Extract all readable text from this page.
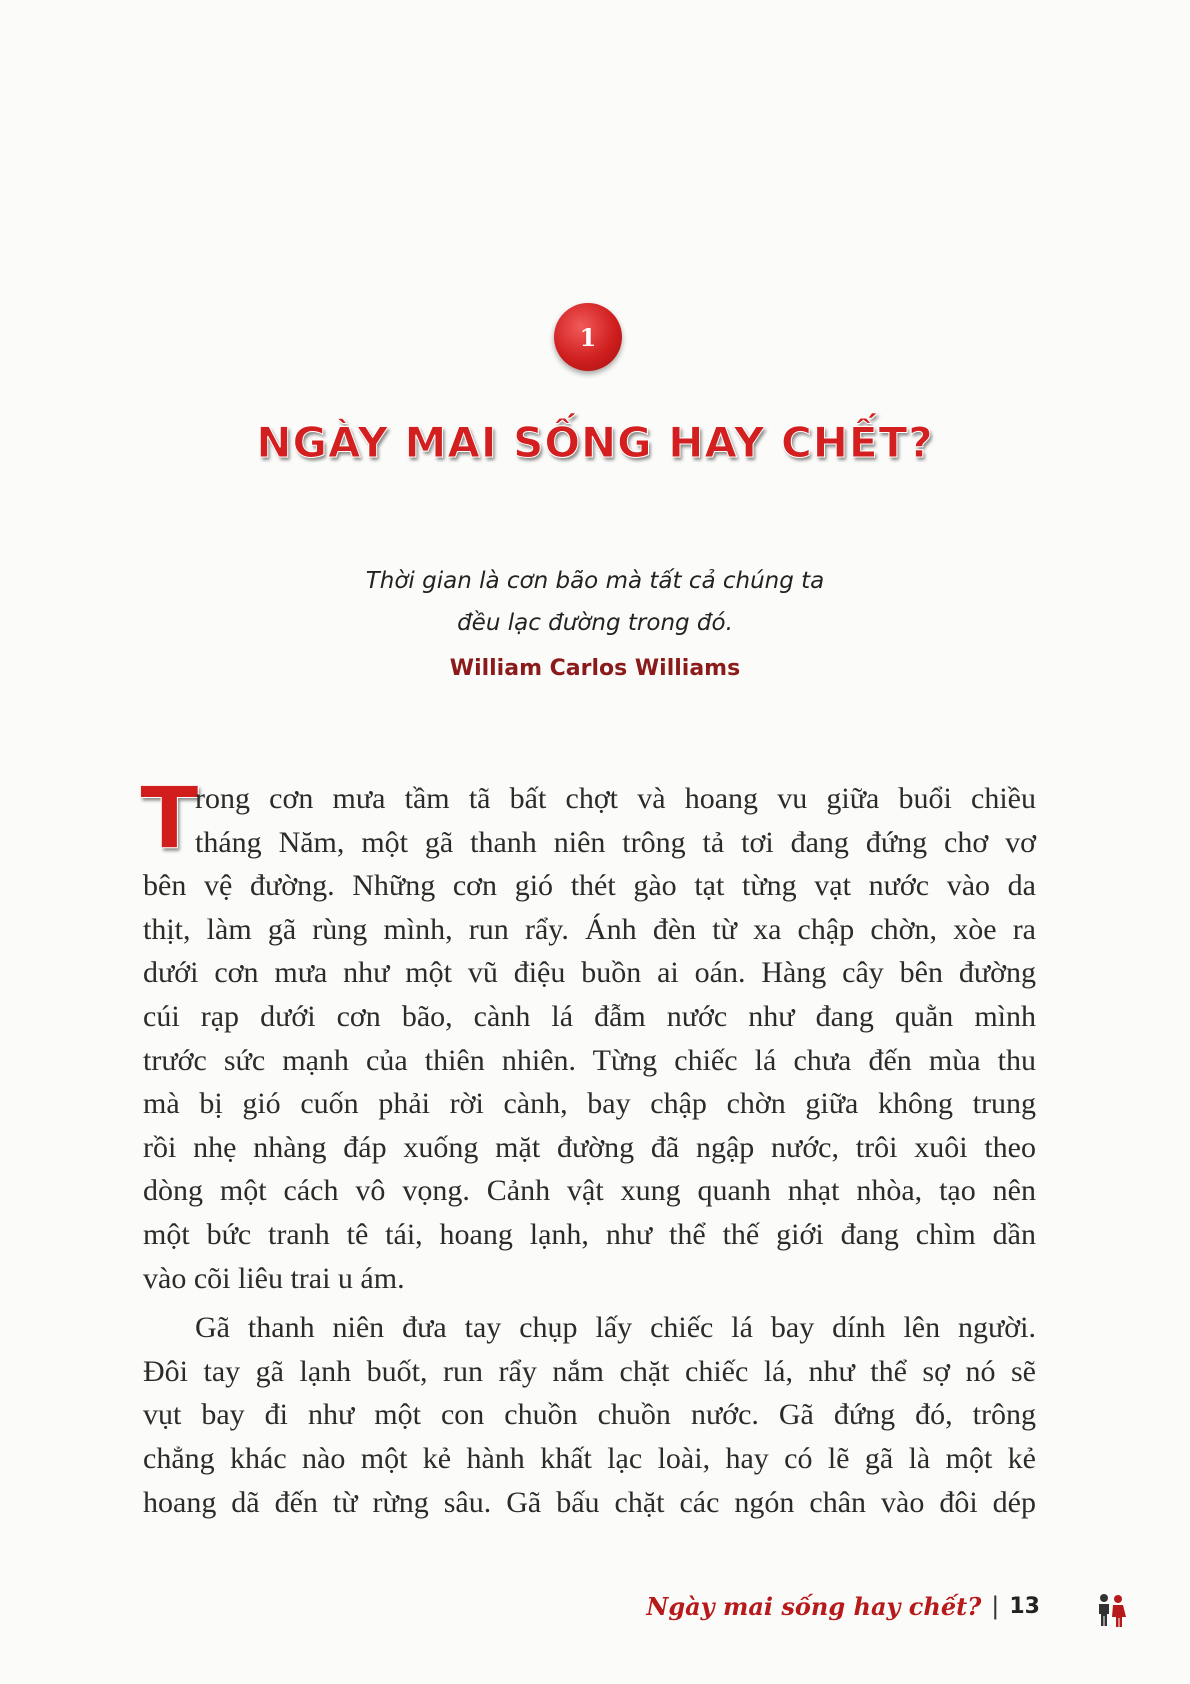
1
NGÀY MAI SỐNG HAY CHẾT?
Thời gian là cơn bão mà tất cả chúng ta
đều lạc đường trong đó.
William Carlos Williams
T
rong cơn mưa tầm tã bất chợt và hoang vu giữa buổi chiều
tháng Năm, một gã thanh niên trông tả tơi đang đứng chơ vơ
bên vệ đường. Những cơn gió thét gào tạt từng vạt nước vào da
thịt, làm gã rùng mình, run rẩy. Ánh đèn từ xa chập chờn, xòe ra
dưới cơn mưa như một vũ điệu buồn ai oán. Hàng cây bên đường
cúi rạp dưới cơn bão, cành lá đẫm nước như đang quằn mình
trước sức mạnh của thiên nhiên. Từng chiếc lá chưa đến mùa thu
mà bị gió cuốn phải rời cành, bay chập chờn giữa không trung
rồi nhẹ nhàng đáp xuống mặt đường đã ngập nước, trôi xuôi theo
dòng một cách vô vọng. Cảnh vật xung quanh nhạt nhòa, tạo nên
một bức tranh tê tái, hoang lạnh, như thể thế giới đang chìm dần
vào cõi liêu trai u ám.
Gã thanh niên đưa tay chụp lấy chiếc lá bay dính lên người.
Đôi tay gã lạnh buốt, run rẩy nắm chặt chiếc lá, như thể sợ nó sẽ
vụt bay đi như một con chuồn chuồn nước. Gã đứng đó, trông
chẳng khác nào một kẻ hành khất lạc loài, hay có lẽ gã là một kẻ
hoang dã đến từ rừng sâu. Gã bấu chặt các ngón chân vào đôi dép
Ngày mai sống hay chết? | 13
